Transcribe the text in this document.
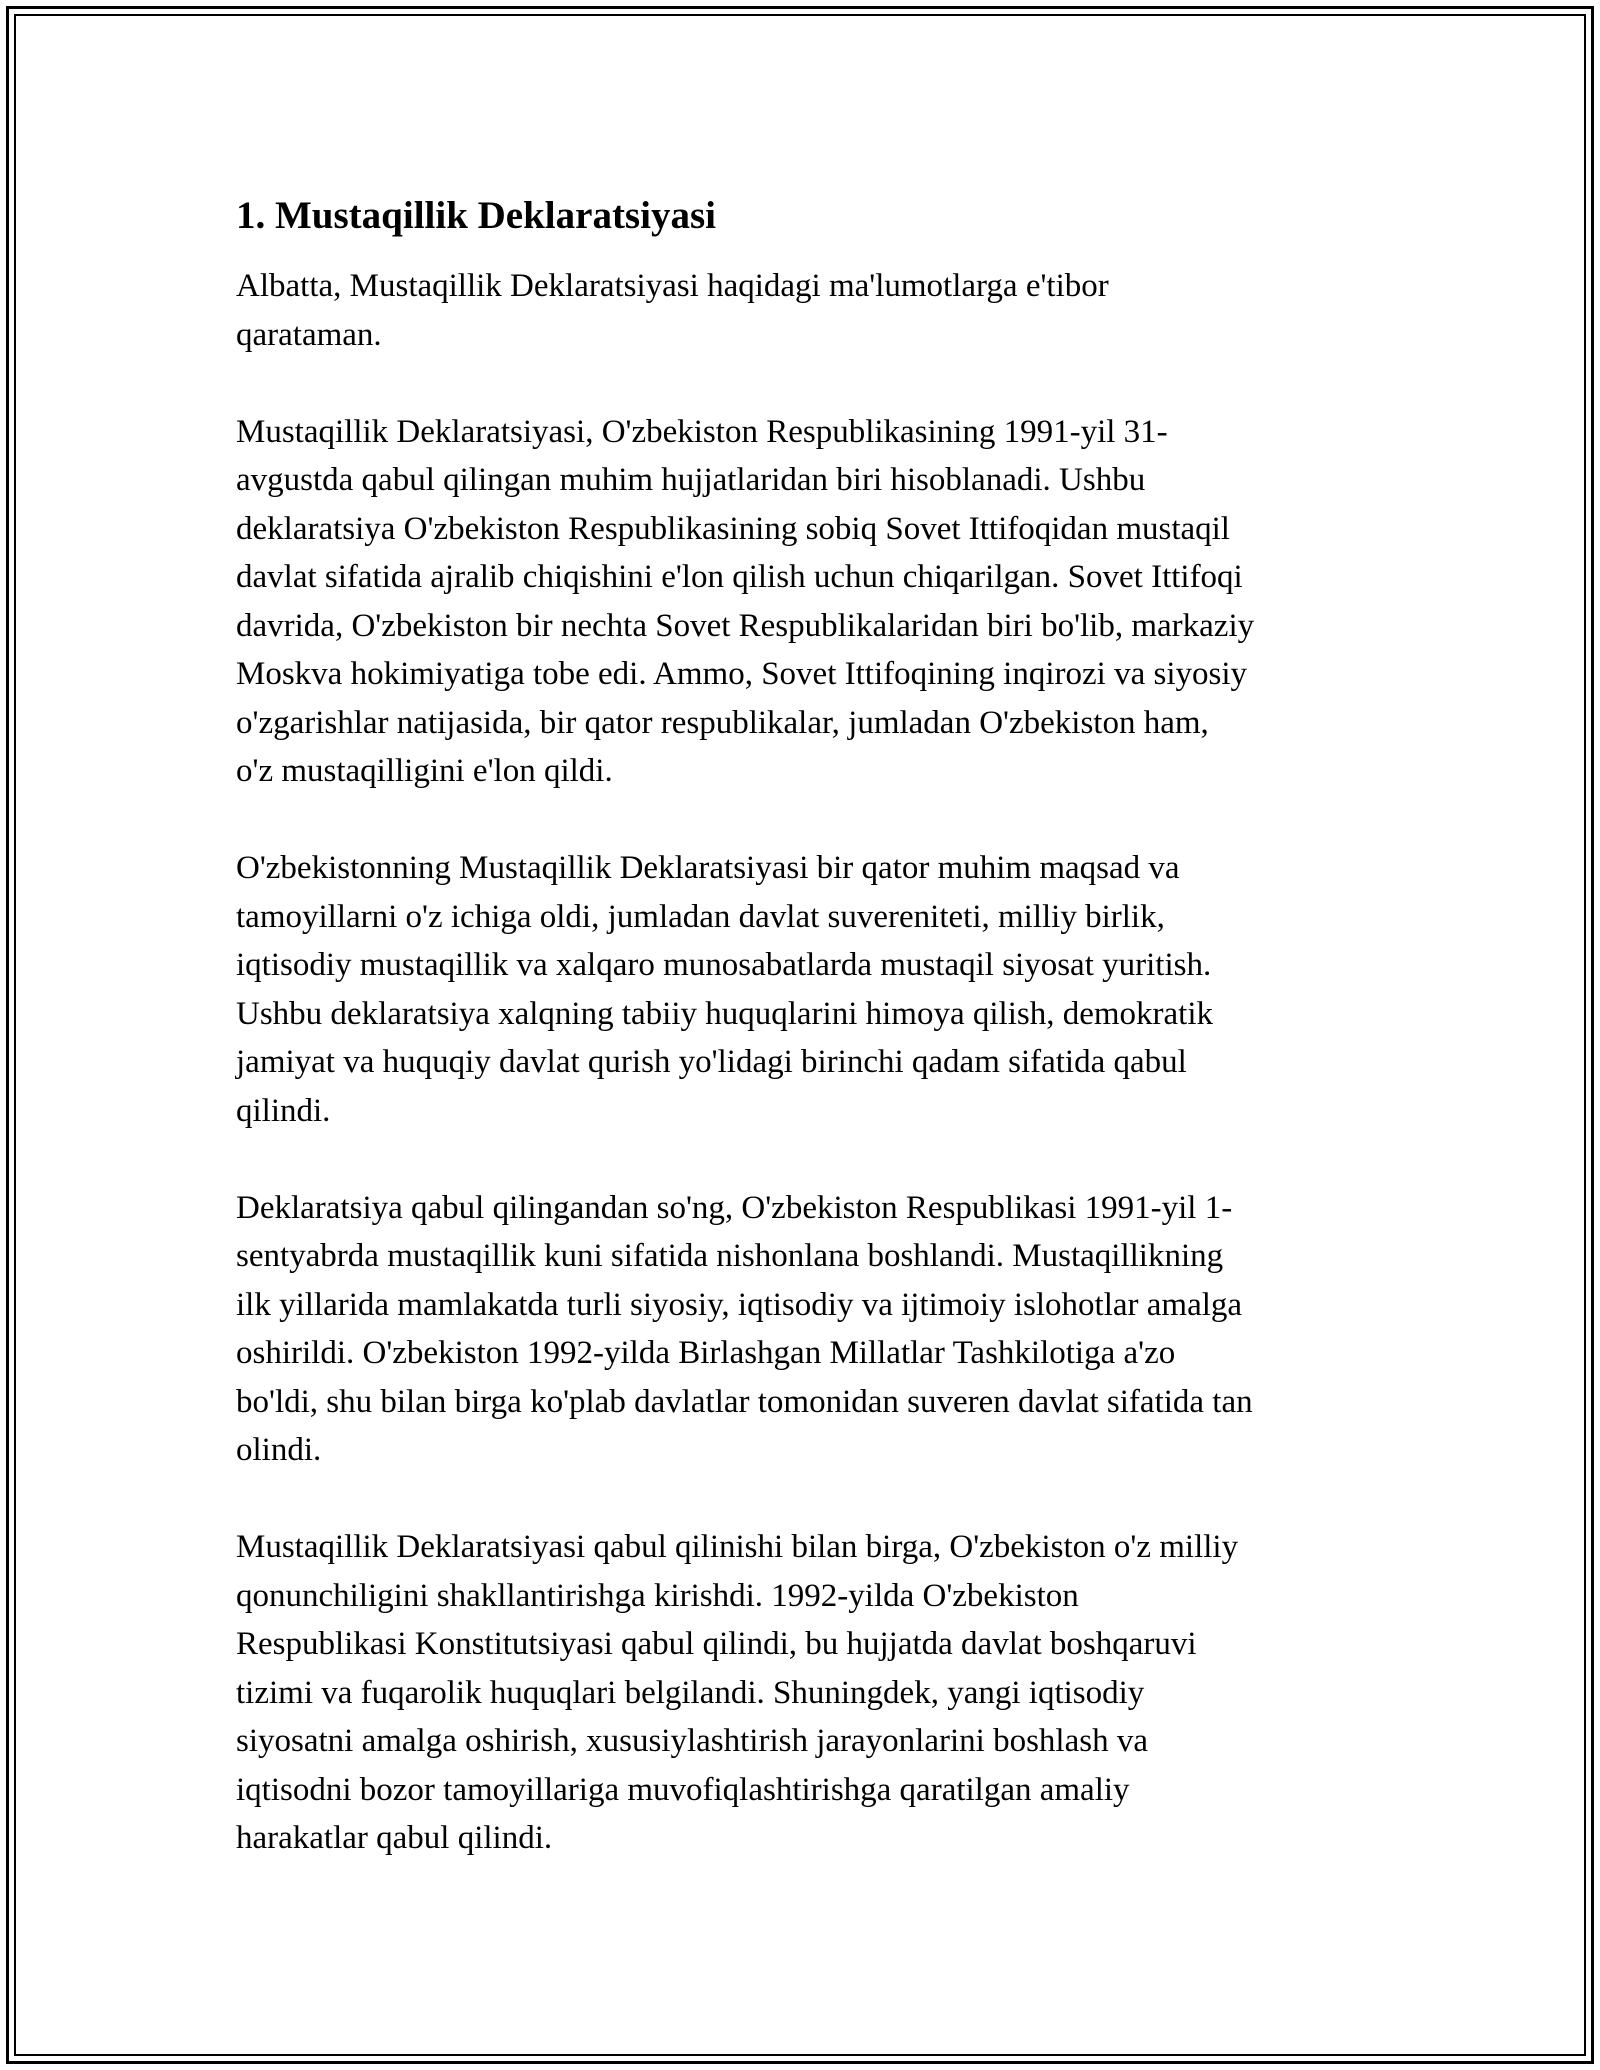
1. Mustaqillik Deklaratsiyasi

Albatta, Mustaqillik Deklaratsiyasi haqidagi ma'lumotlarga e'tibor
qarataman.

Mustaqillik Deklaratsiyasi, O'zbekiston Respublikasining 1991-yil 31-
avgustda qabul qilingan muhim hujjatlaridan biri hisoblanadi. Ushbu
deklaratsiya O'zbekiston Respublikasining sobiq Sovet Ittifoqidan mustaqil
davlat sifatida ajralib chiqishini e'lon qilish uchun chiqarilgan. Sovet Ittifoqi
davrida, O'zbekiston bir nechta Sovet Respublikalaridan biri bo'lib, markaziy
Moskva hokimiyatiga tobe edi. Ammo, Sovet Ittifoqining inqirozi va siyosiy
o'zgarishlar natijasida, bir qator respublikalar, jumladan O'zbekiston ham,
o'z mustaqilligini e'lon qildi.

O'zbekistonning Mustaqillik Deklaratsiyasi bir qator muhim maqsad va
tamoyillarni o'z ichiga oldi, jumladan davlat suvereniteti, milliy birlik,
iqtisodiy mustaqillik va xalqaro munosabatlarda mustaqil siyosat yuritish.
Ushbu deklaratsiya xalqning tabiiy huquqlarini himoya qilish, demokratik
jamiyat va huquqiy davlat qurish yo'lidagi birinchi qadam sifatida qabul
qilindi.

Deklaratsiya qabul qilingandan so'ng, O'zbekiston Respublikasi 1991-yil 1-
sentyabrda mustaqillik kuni sifatida nishonlana boshlandi. Mustaqillikning
ilk yillarida mamlakatda turli siyosiy, iqtisodiy va ijtimoiy islohotlar amalga
oshirildi. O'zbekiston 1992-yilda Birlashgan Millatlar Tashkilotiga a'zo
bo'ldi, shu bilan birga ko'plab davlatlar tomonidan suveren davlat sifatida tan
olindi.

Mustaqillik Deklaratsiyasi qabul qilinishi bilan birga, O'zbekiston o'z milliy
qonunchiligini shakllantirishga kirishdi. 1992-yilda O'zbekiston
Respublikasi Konstitutsiyasi qabul qilindi, bu hujjatda davlat boshqaruvi
tizimi va fuqarolik huquqlari belgilandi. Shuningdek, yangi iqtisodiy
siyosatni amalga oshirish, xususiylashtirish jarayonlarini boshlash va
iqtisodni bozor tamoyillariga muvofiqlashtirishga qaratilgan amaliy
harakatlar qabul qilindi.
